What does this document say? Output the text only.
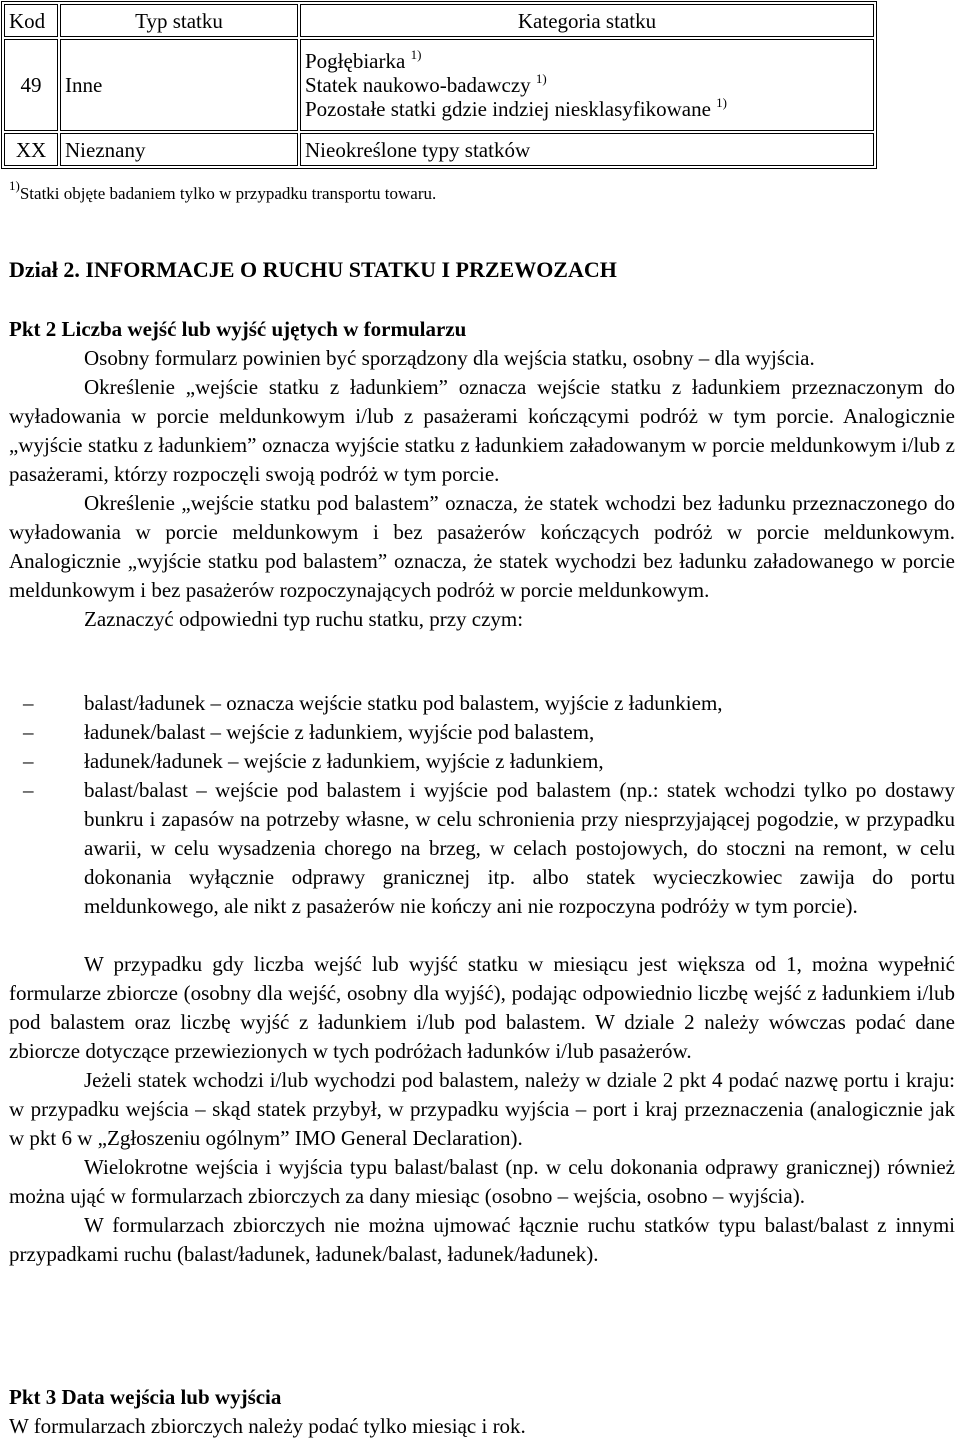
Kod	Typ statku	Kategoria statku
49	Inne	Pogłębiarka $^{1)}$
Statek naukowo-badawczy $^{1)}$
Pozostałe statki gdzie indziej niesklasyfikowane $^{1)}$

XX	Nieznany	Nieokreślone typy statków
$^{1)}$Statki objęte badaniem tylko w przypadku transportu towaru.
Dział 2. INFORMACJE O RUCHU STATKU I PRZEWOZACH
Pkt 2 Liczba wejść lub wyjść ujętych w formularzu

Osobny formularz powinien być sporządzony dla wejścia statku, osobny – dla wyjścia.

Określenie „wejście statku z ładunkiem” oznacza wejście statku z ładunkiem przeznaczonym do wyładowania w porcie meldunkowym i/lub z pasażerami kończącymi podróż w tym porcie. Analogicznie „wyjście statku z ładunkiem” oznacza wyjście statku z ładunkiem załadowanym w porcie meldunkowym i/lub z pasażerami, którzy rozpoczęli swoją podróż w tym porcie.

Określenie „wejście statku pod balastem” oznacza, że statek wchodzi bez ładunku przeznaczonego do wyładowania w porcie meldunkowym i bez pasażerów kończących podróż w porcie meldunkowym. Analogicznie „wyjście statku pod balastem” oznacza, że statek wychodzi bez ładunku załadowanego w porcie meldunkowym i bez pasażerów rozpoczynających podróż w porcie meldunkowym.

Zaznaczyć odpowiedni typ ruchu statku, przy czym:

– balast/ładunek – oznacza wejście statku pod balastem, wyjście z ładunkiem,
– ładunek/balast – wejście z ładunkiem, wyjście pod balastem,
– ładunek/ładunek – wejście z ładunkiem, wyjście z ładunkiem,
– balast/balast – wejście pod balastem i wyjście pod balastem (np.: statek wchodzi tylko po dostawy bunkru i zapasów na potrzeby własne, w celu schronienia przy niesprzyjającej pogodzie, w przypadku awarii, w celu wysadzenia chorego na brzeg, w celach postojowych, do stoczni na remont, w celu dokonania wyłącznie odprawy granicznej itp. albo statek wycieczkowiec zawija do portu meldunkowego, ale nikt z pasażerów nie kończy ani nie rozpoczyna podróży w tym porcie).

W przypadku gdy liczba wejść lub wyjść statku w miesiącu jest większa od 1, można wypełnić formularze zbiorcze (osobny dla wejść, osobny dla wyjść), podając odpowiednio liczbę wejść z ładunkiem i/lub pod balastem oraz liczbę wyjść z ładunkiem i/lub pod balastem. W dziale 2 należy wówczas podać dane zbiorcze dotyczące przewiezionych w tych podróżach ładunków i/lub pasażerów.

Jeżeli statek wchodzi i/lub wychodzi pod balastem, należy w dziale 2 pkt 4 podać nazwę portu i kraju: w przypadku wejścia – skąd statek przybył, w przypadku wyjścia – port i kraj przeznaczenia (analogicznie jak w pkt 6 w „Zgłoszeniu ogólnym” IMO General Declaration).

Wielokrotne wejścia i wyjścia typu balast/balast (np. w celu dokonania odprawy granicznej) również można ująć w formularzach zbiorczych za dany miesiąc (osobno – wejścia, osobno – wyjścia).

W formularzach zbiorczych nie można ujmować łącznie ruchu statków typu balast/balast z innymi przypadkami ruchu (balast/ładunek, ładunek/balast, ładunek/ładunek).

Pkt 3 Data wejścia lub wyjścia

W formularzach zbiorczych należy podać tylko miesiąc i rok.
